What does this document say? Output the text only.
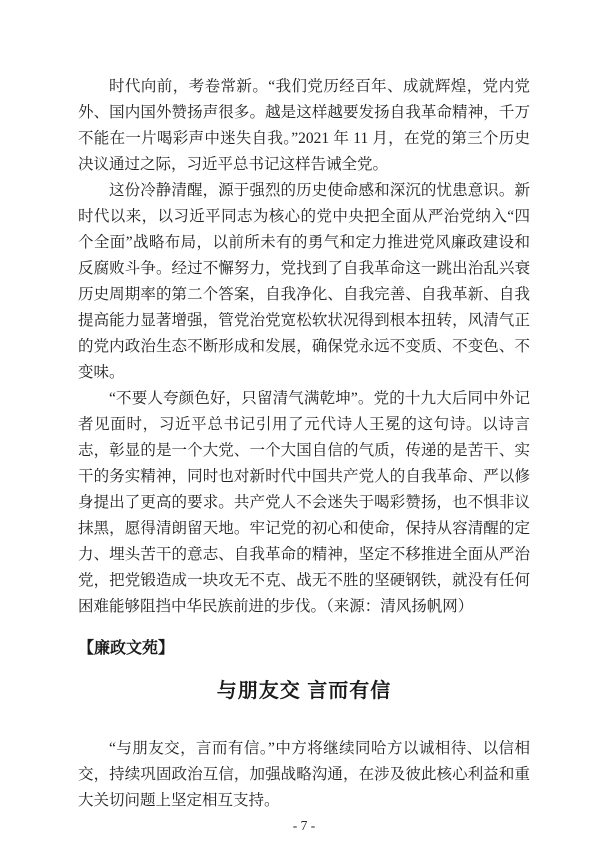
时代向前，考卷常新。“我们党历经百年、成就辉煌，党内党外、国内国外赞扬声很多。越是这样越要发扬自我革命精神，千万不能在一片喝彩声中迷失自我。”2021 年 11 月，在党的第三个历史决议通过之际，习近平总书记这样告诫全党。

这份冷静清醒，源于强烈的历史使命感和深沉的忧患意识。新时代以来，以习近平同志为核心的党中央把全面从严治党纳入“四个全面”战略布局，以前所未有的勇气和定力推进党风廉政建设和反腐败斗争。经过不懈努力，党找到了自我革命这一跳出治乱兴衰历史周期率的第二个答案，自我净化、自我完善、自我革新、自我提高能力显著增强，管党治党宽松软状况得到根本扭转，风清气正的党内政治生态不断形成和发展，确保党永远不变质、不变色、不变味。

“不要人夸颜色好，只留清气满乾坤”。党的十九大后同中外记者见面时，习近平总书记引用了元代诗人王冕的这句诗。以诗言志，彰显的是一个大党、一个大国自信的气质，传递的是苦干、实干的务实精神，同时也对新时代中国共产党人的自我革命、严以修身提出了更高的要求。共产党人不会迷失于喝彩赞扬，也不惧非议抹黑，愿得清朗留天地。牢记党的初心和使命，保持从容清醒的定力、埋头苦干的意志、自我革命的精神，坚定不移推进全面从严治党，把党锻造成一块攻无不克、战无不胜的坚硬钢铁，就没有任何困难能够阻挡中华民族前进的步伐。（来源：清风扬帆网）

【廉政文苑】
与朋友交 言而有信

“与朋友交，言而有信。”中方将继续同哈方以诚相待、以信相交，持续巩固政治互信，加强战略沟通，在涉及彼此核心利益和重大关切问题上坚定相互支持。

- 7 -
